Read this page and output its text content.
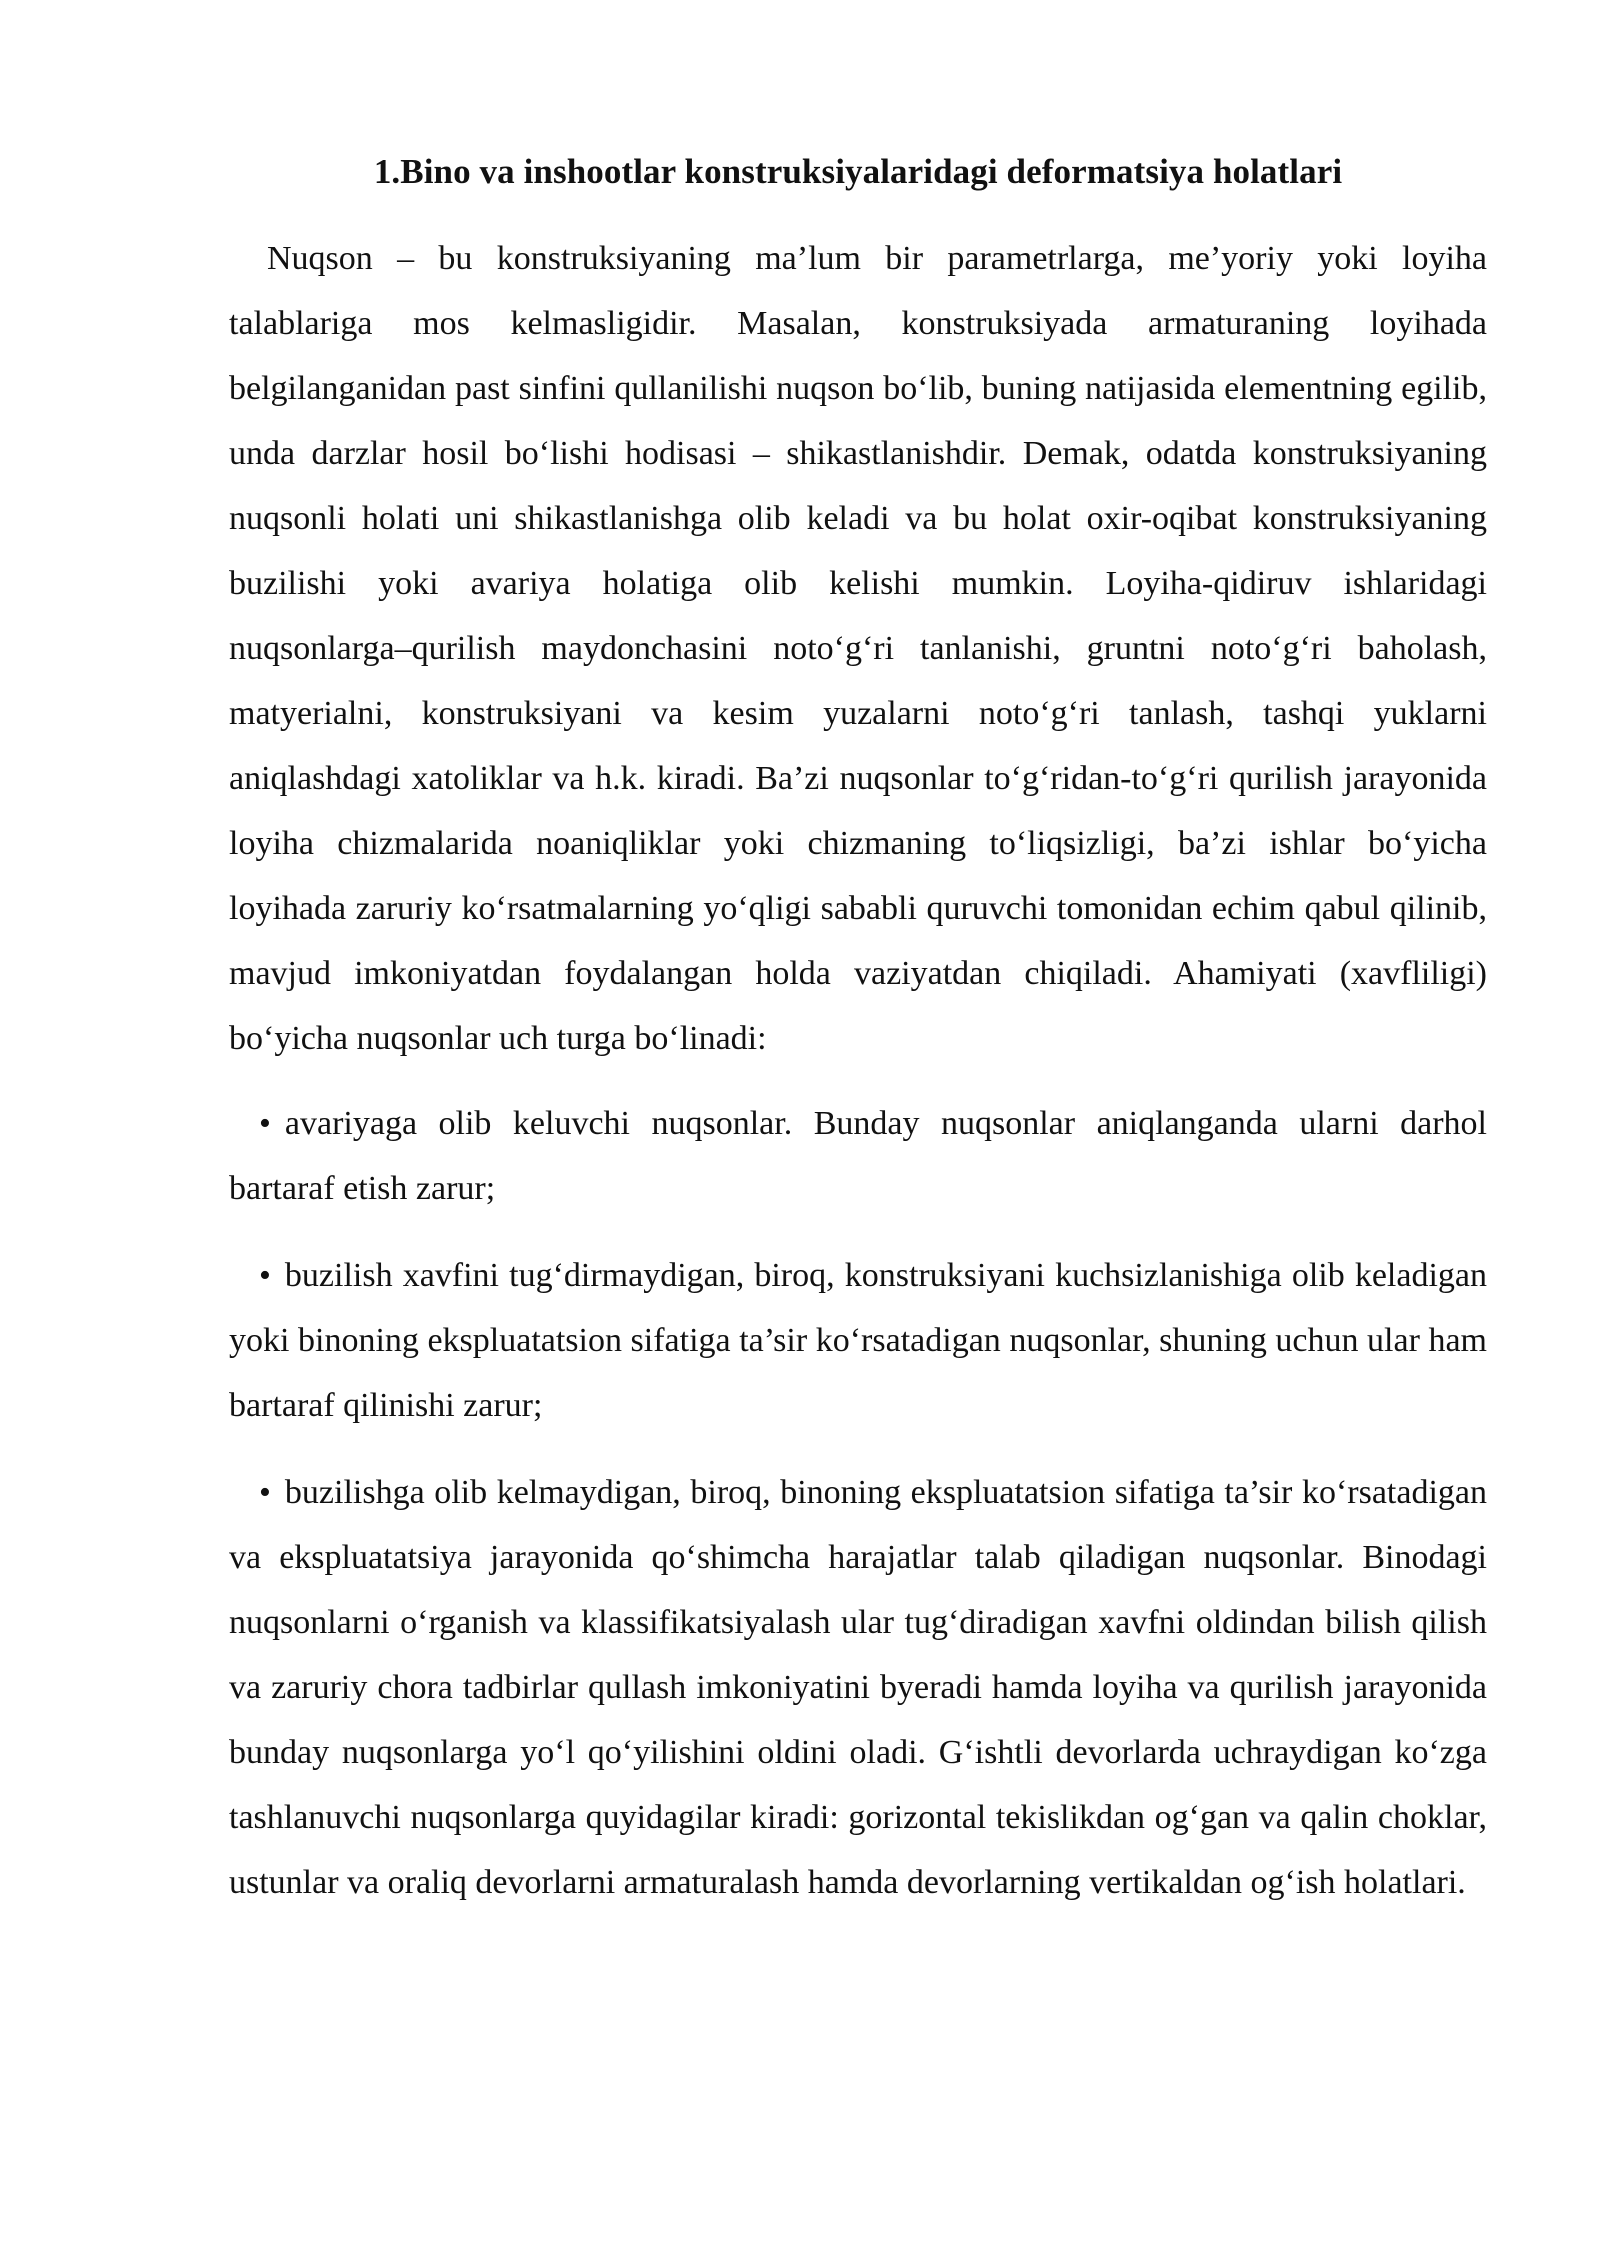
1.Bino va inshootlar konstruksiyalaridagi deformatsiya holatlari

Nuqson – bu konstruksiyaning ma’lum bir parametrlarga, me’yoriy yoki loyiha talablariga mos kelmasligidir. Masalan, konstruksiyada armaturaning loyihada belgilanganidan past sinfini qullanilishi nuqson bo‘lib, buning natijasida elementning egilib, unda darzlar hosil bo‘lishi hodisasi – shikastlanishdir. Demak, odatda konstruksiyaning nuqsonli holati uni shikastlanishga olib keladi va bu holat oxir-oqibat konstruksiyaning buzilishi yoki avariya holatiga olib kelishi mumkin. Loyiha-qidiruv ishlaridagi nuqsonlarga–qurilish maydonchasini noto‘g‘ri tanlanishi, gruntni noto‘g‘ri baholash, matyerialni, konstruksiyani va kesim yuzalarni noto‘g‘ri tanlash, tashqi yuklarni aniqlashdagi xatoliklar va h.k. kiradi. Ba’zi nuqsonlar to‘g‘ridan-to‘g‘ri qurilish jarayonida loyiha chizmalarida noaniqliklar yoki chizmaning to‘liqsizligi, ba’zi ishlar bo‘yicha loyihada zaruriy ko‘rsatmalarning yo‘qligi sababli quruvchi tomonidan echim qabul qilinib, mavjud imkoniyatdan foydalangan holda vaziyatdan chiqiladi. Ahamiyati (xavfliligi) bo‘yicha nuqsonlar uch turga bo‘linadi:

• avariyaga olib keluvchi nuqsonlar. Bunday nuqsonlar aniqlanganda ularni darhol bartaraf etish zarur;

• buzilish xavfini tug‘dirmaydigan, biroq, konstruksiyani kuchsizlanishiga olib keladigan yoki binoning ekspluatatsion sifatiga ta’sir ko‘rsatadigan nuqsonlar, shuning uchun ular ham bartaraf qilinishi zarur;

• buzilishga olib kelmaydigan, biroq, binoning ekspluatatsion sifatiga ta’sir ko‘rsatadigan va ekspluatatsiya jarayonida qo‘shimcha harajatlar talab qiladigan nuqsonlar. Binodagi nuqsonlarni o‘rganish va klassifikatsiyalash ular tug‘diradigan xavfni oldindan bilish qilish va zaruriy chora tadbirlar qullash imkoniyatini byeradi hamda loyiha va qurilish jarayonida bunday nuqsonlarga yo‘l qo‘yilishini oldini oladi. G‘ishtli devorlarda uchraydigan ko‘zga tashlanuvchi nuqsonlarga quyidagilar kiradi: gorizontal tekislikdan og‘gan va qalin choklar, ustunlar va oraliq devorlarni armaturalash hamda devorlarning vertikaldan og‘ish holatlari.
